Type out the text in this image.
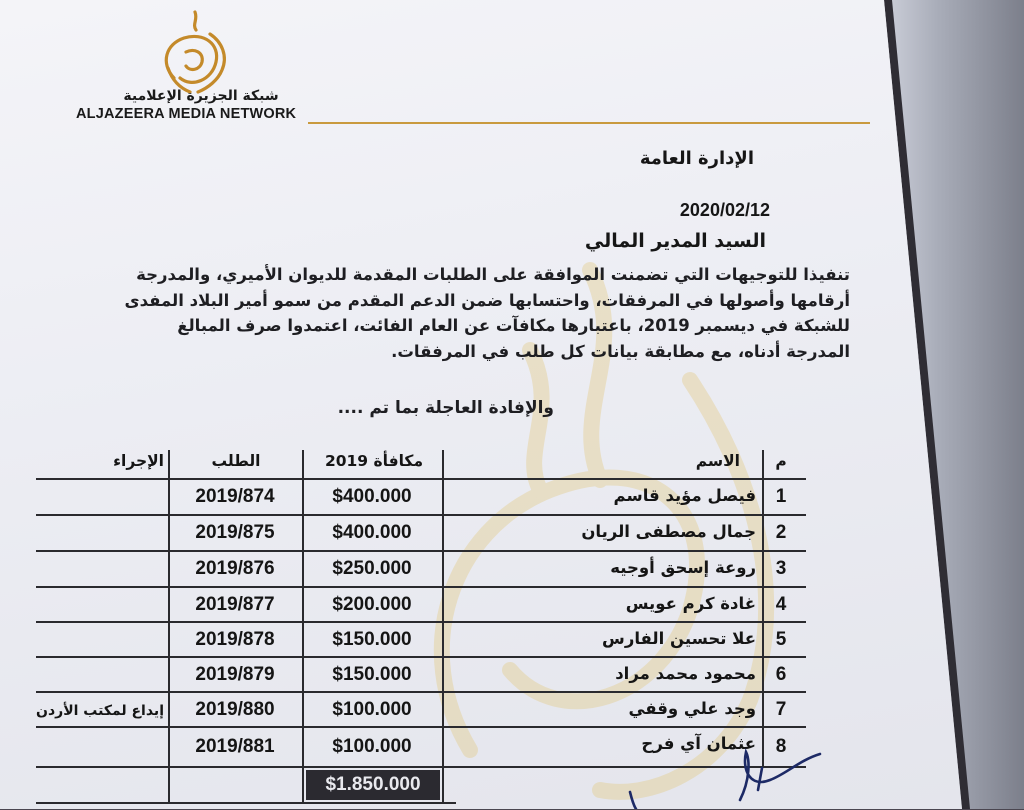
شبكة الجزيرة الإعلامية
ALJAZEERA MEDIA NETWORK
الإدارة العامة
2020/02/12
السيد المدير المالي
تنفيذا للتوجيهات التي تضمنت الموافقة على الطلبات المقدمة للديوان الأميري، والمدرجة
أرقامها وأصولها في المرفقات، واحتسابها ضمن الدعم المقدم من سمو أمير البلاد المفدى
للشبكة في ديسمبر 2019، باعتبارها مكافآت عن العام الفائت، اعتمدوا صرف المبالغ
المدرجة أدناه، مع مطابقة بيانات كل طلب في المرفقات.
والإفادة العاجلة بما تم ....
م
الاسم
مكافأة 2019
الطلب
الإجراء
1
فيصل مؤيد قاسم
$400.000
2019/874
2
جمال مصطفى الريان
$400.000
2019/875
3
روعة إسحق أوجيه
$250.000
2019/876
4
غادة كرم عويس
$200.000
2019/877
5
علا تحسين الفارس
$150.000
2019/878
6
محمود محمد مراد
$150.000
2019/879
7
وجد علي وقفي
$100.000
2019/880
إيداع لمكتب الأردن
8
عثمان آي فرح
$100.000
2019/881
$1.850.000
